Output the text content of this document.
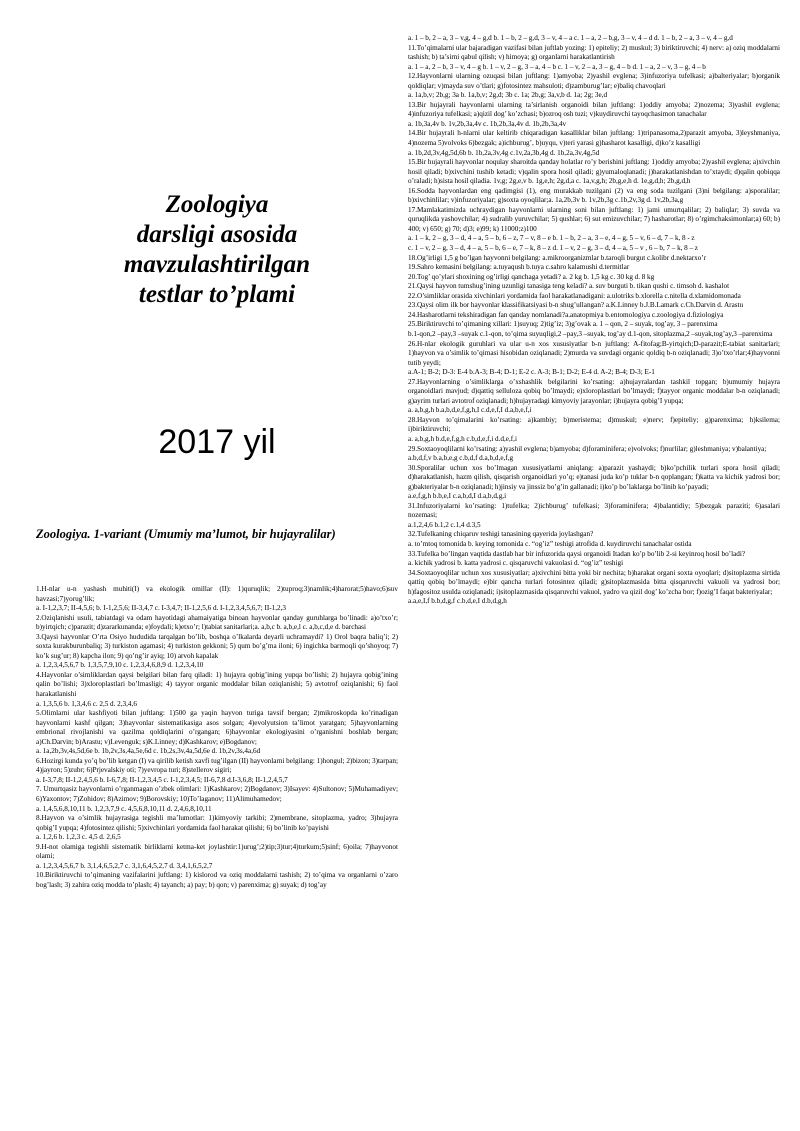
Zoologiya
darsligi asosida
mavzulashtirilgan
testlar to’plami
2017 yil
Zoologiya. 1-variant (Umumiy ma’lumot, bir hujayralilar)

1.H-nlar u-n yashash muhiti(I) va ekologik omillar (II): 1)quruqlik; 2)tuproq;3)namlik;4)harorat;5)havo;6)suv havzasi;7)yorug’lik;

a. I-1,2,3,7; II-4,5,6; b. I-1,2,5,6; II-3,4,7 c. I-3,4,7; II-1,2,5,6 d. I-1,2,3,4,5,6,7; II-1,2,3

2.Oziqlanishi usuli, tabiatdagi va odam hayotidagi ahamaiyatiga binoan hayvonlar qanday guruhlarga bo’linadi: a)o’txo’r; b)yirtqich; c)parazit; d)zararkunanda; e)foydali; k)etxo’r; l)tabiat sanitarlari;a. a,b,c b. a,b,e,l c. a,b,c,d,e d. barchasi

3.Qaysi hayvonlar O’rta Osiyo hududida tarqalgan bo’lib, boshqa o’lkalarda deyarli uchramaydi? 1) Orol baqra baliq’i; 2) soxta kurakburunbaliq; 3) turkiston agamasi; 4) turkiston gekkoni; 5) qum bo’g’ma iloni; 6) ingichka barmoqli qo’shoyoq; 7) ko’k sug’ur; 8) kapcha ilon; 9) qo’ng’ir ayiq; 10) arvoh kapalak

a. 1,2,3,4,5,6,7 b. 1,3,5,7,9,10 c. 1,2,3,4,6,8,9 d. 1,2,3,4,10

4.Hayvonlar o’simliklardan qaysi belgilari bilan farq qiladi: 1) hujayra qobig’ining yupqa bo’lishi; 2) hujayra qobig’ining qalin bo’lishi; 3)xloroplastlari bo’lmasligi; 4) tayyor organic moddalar bilan oziqlanishi; 5) avtotrof oziqlanishi; 6) faol harakatlanishi

a. 1,3,5,6 b. 1,3,4,6 c. 2,5 d. 2,3,4,6

5.Olimlarni ular kashfiyoti bilan juftlang: 1)500 ga yaqin hayvon turiga tavsif bergan; 2)mikroskopda ko’rinadigan hayvonlarni kashf qilgan; 3)hayvonlar sistematikasiga asos solgan; 4)evolyutsion ta’limot yaratgan; 5)hayvonlarning embrional rivojlanishi va qazilma qoldiqlarini o’rgangan; 6)hayvonlar ekologiyasini o’rganishni boshlab bergan; a)Ch.Darvin; b)Arastu; v)Levenguk; s)K.Linney; d)Kashkarov; e)Bogdanov;

a. 1a,2b,3v,4s,5d,6e b. 1b,2v,3s,4a,5e,6d c. 1b,2s,3v,4a,5d,6e d. 1b,2v,3s,4a,6d

6.Hozirgi kunda yo’q bo’lib ketgan (I) va qirilib ketish xavfi tug’ilgan (II) hayvonlarni belgilang: 1)hongul; 2)bizon; 3)tarpan; 4)jayron; 5)zubr; 6)Prjevalskiy oti; 7)yevropa turi; 8)stellerov sigiri;

a. I-3,7,8; II-1,2,4,5,6 b. I-6,7,8; II-1,2,3,4,5 c. I-1,2,3,4,5; II-6,7,8 d.I-3,6,8; II-1,2,4,5,7

7. Umurtqasiz hayvonlarni o’rganmagan o’zbek olimlari: 1)Kashkarov; 2)Bogdanov; 3)Isayev: 4)Sultonov; 5)Muhamadiyev; 6)Yaxontov; 7)Zohidov; 8)Azimov; 9)Borovskiy; 10)To’laganov; 11)Alimuhamedov;

a. 1,4,5,6,8,10,11 b. 1,2,3,7,9 c. 4,5,6,8,10,11 d. 2,4,6,8,10,11

8.Hayvon va o’simlik hujayrasiga tegishli ma’lumotlar: 1)kimyoviy tarkibi; 2)membrane, sitoplazma, yadro; 3)hujayra qobig’I yupqa; 4)fotosintez qilishi; 5)xivchinlari yordamida faol harakat qilishi; 6) bo’linib ko’payishi

a. 1,2,6 b. 1,2,3 c. 4,5 d. 2,6,5

9.H-not olamiga tegishli sistematik birliklarni ketma-ket joylashtir:1)urug’;2)tip;3)tur;4)turkum;5)sinf; 6)oila; 7)hayvonot olami;

a. 1,2,3,4,5,6,7 b. 3,1,4,6,5,2,7 c. 3,1,6,4,5,2,7 d. 3,4,1,6,5,2,7

10.Biriktiruvchi to’qimaning vazifalarini juftlang: 1) kislorod va oziq moddalarni tashish; 2) to’qima va organlarni o’zaro bog’lash; 3) zahira oziq modda to’plash; 4) tayanch; a) pay; b) qon; v) parenxima; g) suyak; d) tog’ay

a. 1 – b, 2 – a, 3 – v,g, 4 – g,d b. 1 – b, 2 – g,d, 3 – v, 4 – a c. 1 – a, 2 – b,g, 3 – v, 4 – d d. 1 – b, 2 – a, 3 – v, 4 – g,d

11.To’qimalarni ular bajaradigan vazifasi bilan juftlab yozing: 1) epiteliy; 2) muskul; 3) biriktiruvchi; 4) nerv: a) oziq moddalarni tashish; b) ta’sirni qabul qilish; v) himoya; g) organlarni harakatlantirish

a. 1 – a, 2 – b, 3 – v, 4 – g b. 1 – v, 2 – g, 3 – a, 4 – b c. 1 – v, 2 – a, 3 – g, 4 – b d. 1 – a, 2 – v, 3 – g, 4 – b

12.Hayvonlarni ularning ozuqasi bilan juftlang: 1)amyoba; 2)yashil evglena; 3)infuzoriya tufelkasi; a)balteriyalar; b)organik qoldiqlar; v)mayda suv o’tlari; g)fotosintez mahsuloti; d)zamburug’lar; e)baliq chavoqlari

a. 1a,b,v; 2b,g; 3a b. 1a,b,v; 2g,d; 3b c. 1a; 2b,g; 3a,v,b d. 1a; 2g; 3e,d

13.Bir hujayrali hayvonlarni ularning ta’sirlanish organoidi bilan juftlang: 1)oddiy amyoba; 2)nozema; 3)yashil evglena; 4)infuzoriya tufelkasi; a)qizil dog’ ko’zchasi; b)ozroq osh tuzi; v)kuydiruvchi tayoqchasimon tanachalar

a. 1b,3a,4v b. 1v,2b,3a,4v c. 1b,2b,3a,4v d. 1b,2b,3a,4v

14.Bir hujayrali h-nlarni ular keltirib chiqaradigan kasalliklar bilan juftlang: 1)tripanasoma,2)parazit amyoba, 3)leyshmaniya, 4)nozema 5)volvoks 6)bezgak; a)ichburug’, b)uyqu, v)teri yarasi g)hasharot kasalligi, d)ko’z kasalligi

a. 1b,2d,3v,4g,5d,6b b. 1b,2a,3v,4g c.1v,2a,3b,4g d. 1b,2a,3v,4g,5d

15.Bir hujayrali hayvonlar noqulay sharoitda qanday holatlar ro’y berishini juftlang: 1)oddiy amyoba; 2)yashil evglena; a)xivchin hosil qiladi; b)xivchini tushib ketadi; v)qalin spora hosil qiladi; g)yumaloqlanadi; j)harakatlanishdan to’xtaydi; d)qalin qobiqqa o’raladi; h)sista hosil qiladia. 1v,g; 2g,e,v b. 1g,e,h; 2g,d,a c. 1a,v,g,h; 2b,g,e,h d. 1e,g,d,h; 2b,g,d,h

16.Sodda hayvonlardan eng qadimgisi (1), eng murakkab tuzilgani (2) va eng soda tuzilgani (3)ni belgilang: a)sporalilar; b)xivchinlilar; v)infuzoriyalar; g)soxta oyoqlilar;a. 1a,2b,3v b. 1v,2b,3g c.1b,2v,3g d. 1v,2b,3a,g

17.Mamlakatimizda uchraydigan hayvonlarni ularning soni bilan juftlang: 1) jami umurtqalilar; 2) baliqlar; 3) suvda va quruqlikda yashovchilar; 4) sudralib yuruvchilar; 5) qushlar; 6) sut emizuvchilar; 7) hasharotlar; 8) o’rgimchaksimonlar;a) 60; b) 400; v) 650; g) 70; d)3; e)99; k) 11000;z)100

a. 1 – k, 2 – g, 3 – d, 4 – a, 5 – b, 6 – z, 7 – v, 8 – e b. 1 – b, 2 – a, 3 – e, 4 – g, 5 – v, 6 – d, 7 – k, 8 - z

c. 1 – v, 2 – g, 3 – d, 4 – a, 5 – b, 6 – e, 7 – k, 8 – z d. 1 – v, 2 – g, 3 – d, 4 – a, 5 – v , 6 – b, 7 – k, 8 – z

18.Og’irligi 1,5 g bo’lgan hayvonni belgilang: a.mikroorganizmlar b.taroqli burgut c.kolibr d.nektarxo’r

19.Sahro kemasini belgilang: a.tuyaqush b.tuya c.sahro kalamushi d.termitlar

20.Tog’ qo’ylari shoxining og’irligi qanchaga yetadi? a. 2 kg b. 1,5 kg c. 30 kg d. 8 kg

21.Qaysi hayvon tumshug’ining uzunligi tanasiga teng keladi? a. suv burguti b. tikan qushi c. timsoh d. kashalot

22.O’simliklar orasida xivchinlari yordamida faol harakatlanadigani: a.ulotriks b.xlorella c.nitella d.xlamidomonada

23.Qaysi olim ilk bor hayvonlar klassifikatsiyasi b-n shug’ullangan? a.K.Linney b.J.B.Lamark c.Ch.Darvin d. Arastu

24.Hasharotlarni tekshiradigan fan qanday nomlanadi?a.anatopmiya b.entomologiya c.zoologiya d.fiziologiya

25.Biriktiruvchi to’qimaning xillari: 1)suyuq; 2)tig’iz; 3)g’ovak a. 1 – qon, 2 – suyak, tog’ay, 3 – parenxima

b.1-qon,2 –pay,3 –suyak c.1-qon, to’qima suyuqligi,2 –pay,3 –suyak, tog’ay d.1-qon, sitoplazma,2 –suyak,tog’ay,3 –parenxima

26.H-nlar ekologik guruhlari va ular u-n xos xususiyatlar b-n juftlang: A-fitofag;B-yirtqich;D-parazit;E-tabiat sanitarlari; 1)hayvon va o’simlik to’qimasi hisobidan oziqlanadi; 2)murda va suvdagi organic qoldiq b-n oziqlanadi; 3)o’txo’rlar;4)hayvonni tutib yeydi;

a.A-1; B-2; D-3: E-4 b.A-3; B-4; D-1; E-2 c. A-3; B-1; D-2; E-4 d. A-2; B-4; D-3; E-1

27.Hayvonlarning o’simliklarga o’xshashlik belgilarini ko’rsating: a)hujayralardan tashkil topgan; b)umumiy hujayra organoidlari mavjud; d)qattiq selluloza qobiq bo’lmaydi; e)xloroplastlari bo’lmaydi; f)tayyor organic moddalar b-n oziqlanadi; g)ayrim turlari avtotrof oziqlanadi; h)hujayradagi kimyoviy jarayonlar; i)hujayra qobig’I yupqa;

a. a,b,g,h b.a,b,d,e,f,g,h,I c.d,e,f,I d.a,b,e,f,i

28.Hayvon to’qimalarini ko’rsating: a)kambiy; b)meristema; d)muskul; e)nerv; f)epiteliy; g)parenxima; h)ksilema; i)biriktiruvchi;

a. a,b,g,h b.d,e,f,g,h c.b,d,e,f,i d.d,e,f,i

29.Soxtaoyoqlilarni ko’rsating: a)yashil evglena; b)amyoba; d)foraminifera; e)volvoks; f)nurlilar; g)leshmaniya; v)balantiya;

a.b,d,f,v b.a,b,e,g c.b,d,f d.a,b,d,e,f,g

30.Sporalilar uchun xos bo’lmagan xususiyatlarni aniqlang: a)parazit yashaydi; b)ko’pchilik turlari spora hosil qiladi; d)harakatlanish, hazm qilish, qisqarish organoidlari yo’q; e)tanasi juda ko’p tuklar b-n qoplangan; f)katta va kichik yadrosi bor; g)bakteriyalar b-n oziqlanadi; h)jinsiy va jinssiz bo’g’in gallanadi; i)ko’p bo’laklarga bo’linib ko’payadi;

a.e,f,g,h b.b,e,I c.a,b,d,I d.a,b,d,g,i

31.Infuzoriyalarni ko’rsating: 1)tufelka; 2)ichburug’ tufelkasi; 3)foraminifera; 4)balantidiy; 5)bezgak paraziti; 6)asalari nozemasi;

a.1,2,4,6 b.1,2 c.1,4 d.3,5

32.Tufelkaning chiqaruv teshigi tanasining qayerida joylashgan?

a. to’mtoq tomonida b. keying tomonida c. “og’iz” teshigi atrofida d. kuydiruvchi tanachalar ostida

33.Tufelka bo’lingan vaqtida dastlab har bir infuzorida qaysi organoidi Itadan ko’p bo’lib 2-si keyinroq hosil bo’ladi?

a. kichik yadrosi b. katta yadrosi c. qisqaruvchi vakuolasi d. “og’iz” teshigi

34.Soxtaoyoqlilar uchun xos xususiyatlar; a)xivchini bitta yoki bir nechita; b)harakat organi soxta oyoqlari; d)sitoplazma sirtida qattiq qobiq bo’lmaydi; e)bir qancha turlari fotosintez qiladi; g)sitoplazmasida bitta qisqaruvchi vakuoli va yadrosi bor; h)fagositoz usulda oziqlanadi; i)sitoplazmasida qisqaruvchi vakuol, yadro va qizil dog’ ko’zcha bor; f)ozig’I faqat bakteriyalar;

a.a,e,I,f b.b,d,g,f c.b,d,e,I d.b,d,g,h
